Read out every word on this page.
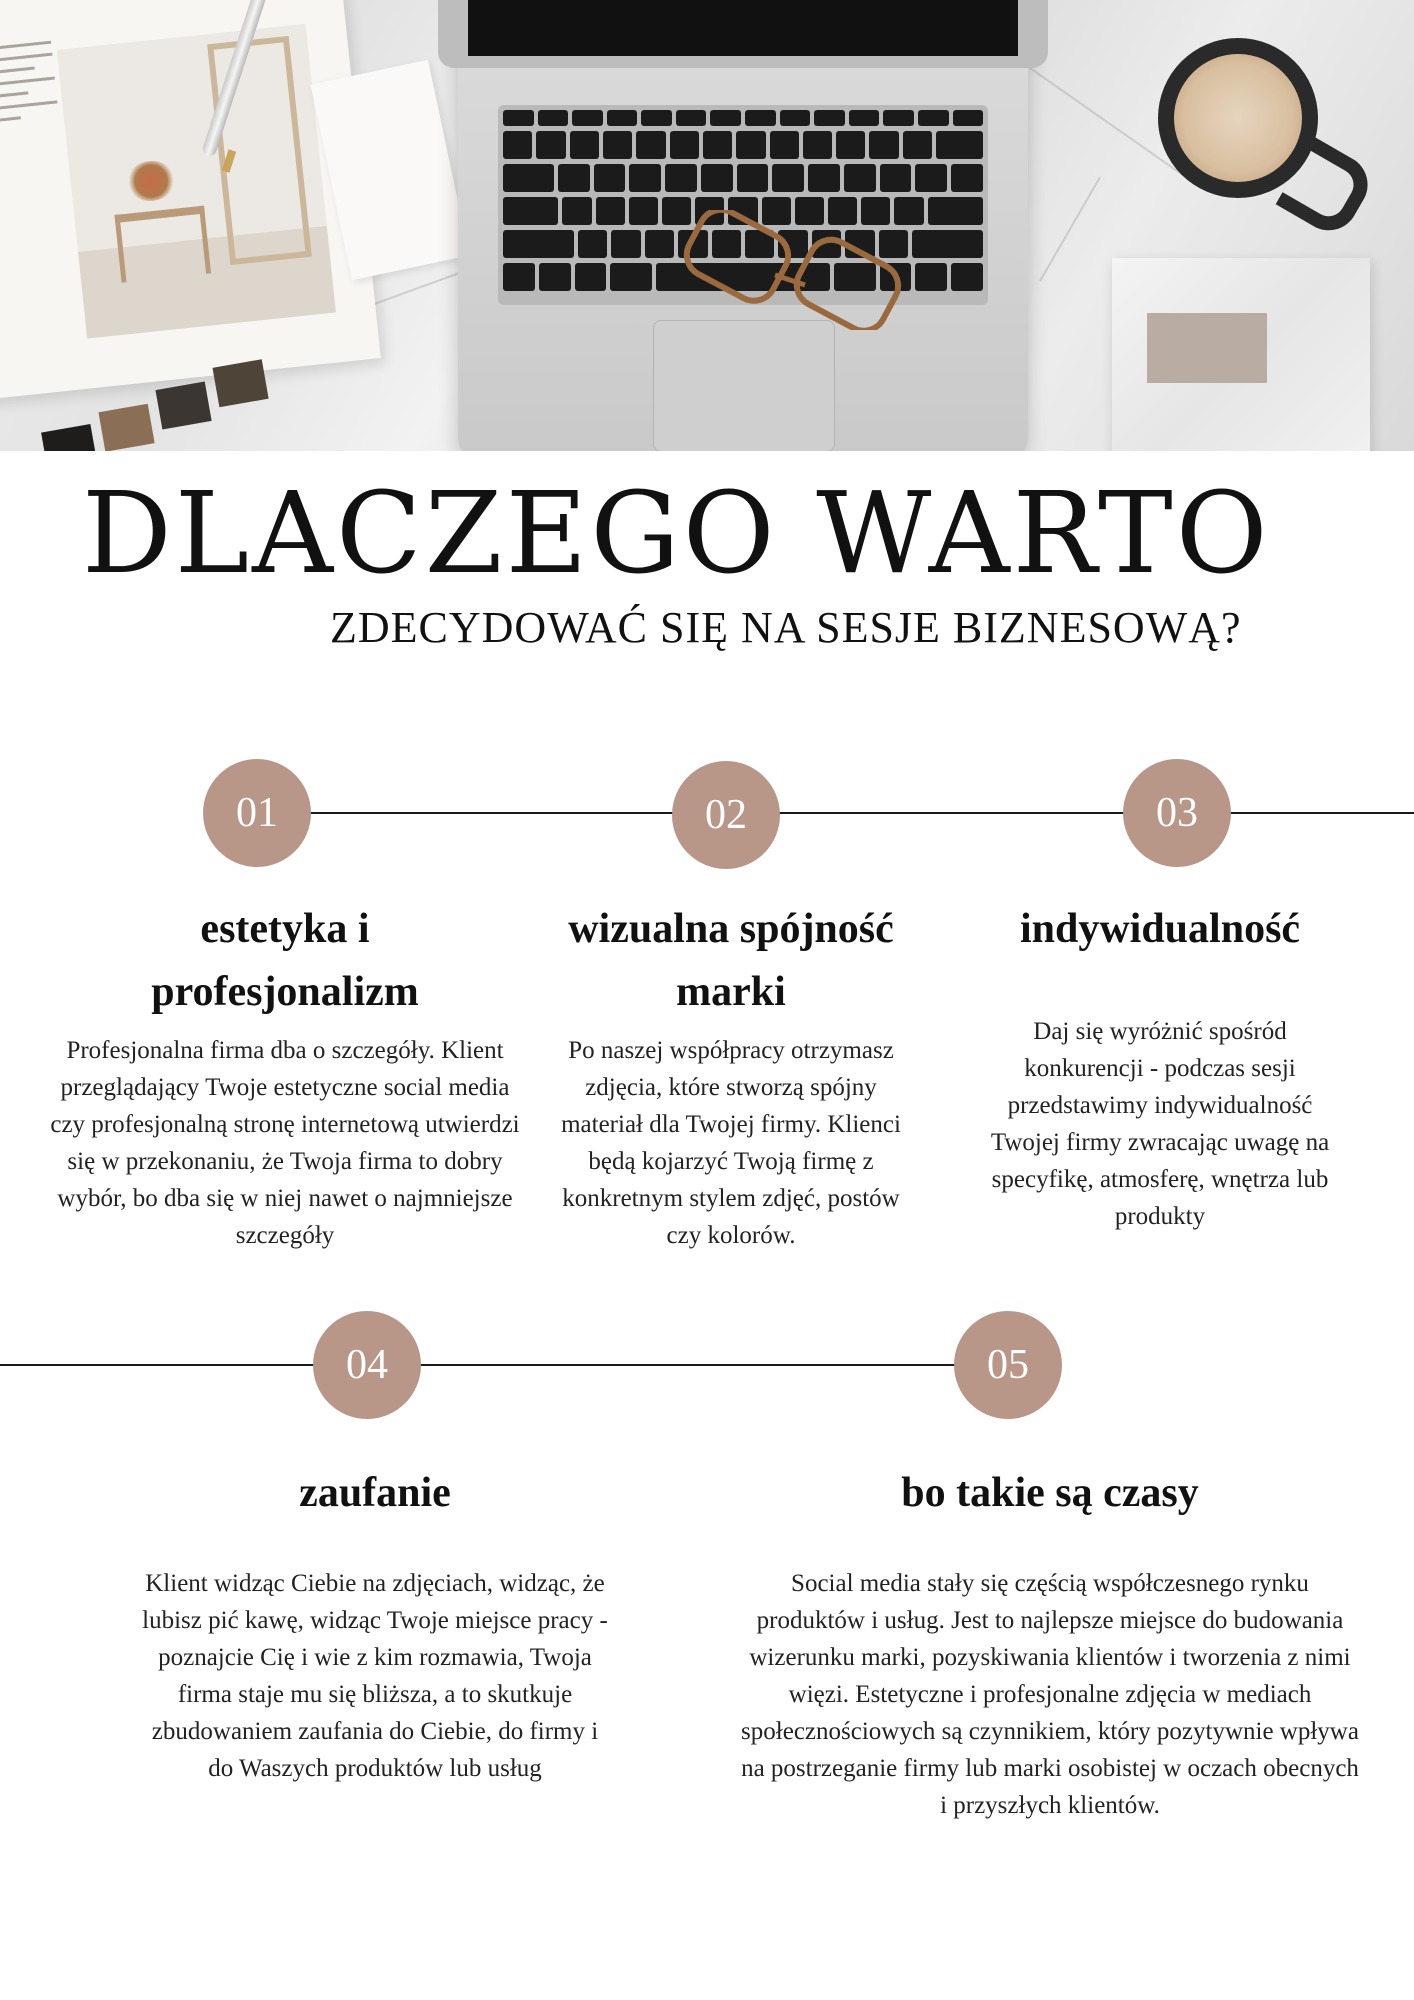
DLACZEGO WARTO
ZDECYDOWAĆ SIĘ NA SESJE BIZNESOWĄ?
01	02	03
estetyka i profesjonalizm

Profesjonalna firma dba o szczegóły. Klient przeglądający Twoje estetyczne social media czy profesjonalną stronę internetową utwierdzi się w przekonaniu, że Twoja firma to dobry wybór, bo dba się w niej nawet o najmniejsze szczegóły

wizualna spójność marki

Po naszej współpracy otrzymasz zdjęcia, które stworzą spójny materiał dla Twojej firmy. Klienci będą kojarzyć Twoją firmę z konkretnym stylem zdjęć, postów czy kolorów.

indywidualność

Daj się wyróżnić spośród konkurencji - podczas sesji przedstawimy indywidualność Twojej firmy zwracając uwagę na specyfikę, atmosferę, wnętrza lub produkty

04	05
zaufanie

Klient widząc Ciebie na zdjęciach, widząc, że lubisz pić kawę, widząc Twoje miejsce pracy - poznajcie Cię i wie z kim rozmawia, Twoja firma staje mu się bliższa, a to skutkuje zbudowaniem zaufania do Ciebie, do firmy i do Waszych produktów lub usług

bo takie są czasy

Social media stały się częścią współczesnego rynku produktów i usług. Jest to najlepsze miejsce do budowania wizerunku marki, pozyskiwania klientów i tworzenia z nimi więzi. Estetyczne i profesjonalne zdjęcia w mediach społecznościowych są czynnikiem, który pozytywnie wpływa na postrzeganie firmy lub marki osobistej w oczach obecnych i przyszłych klientów.
